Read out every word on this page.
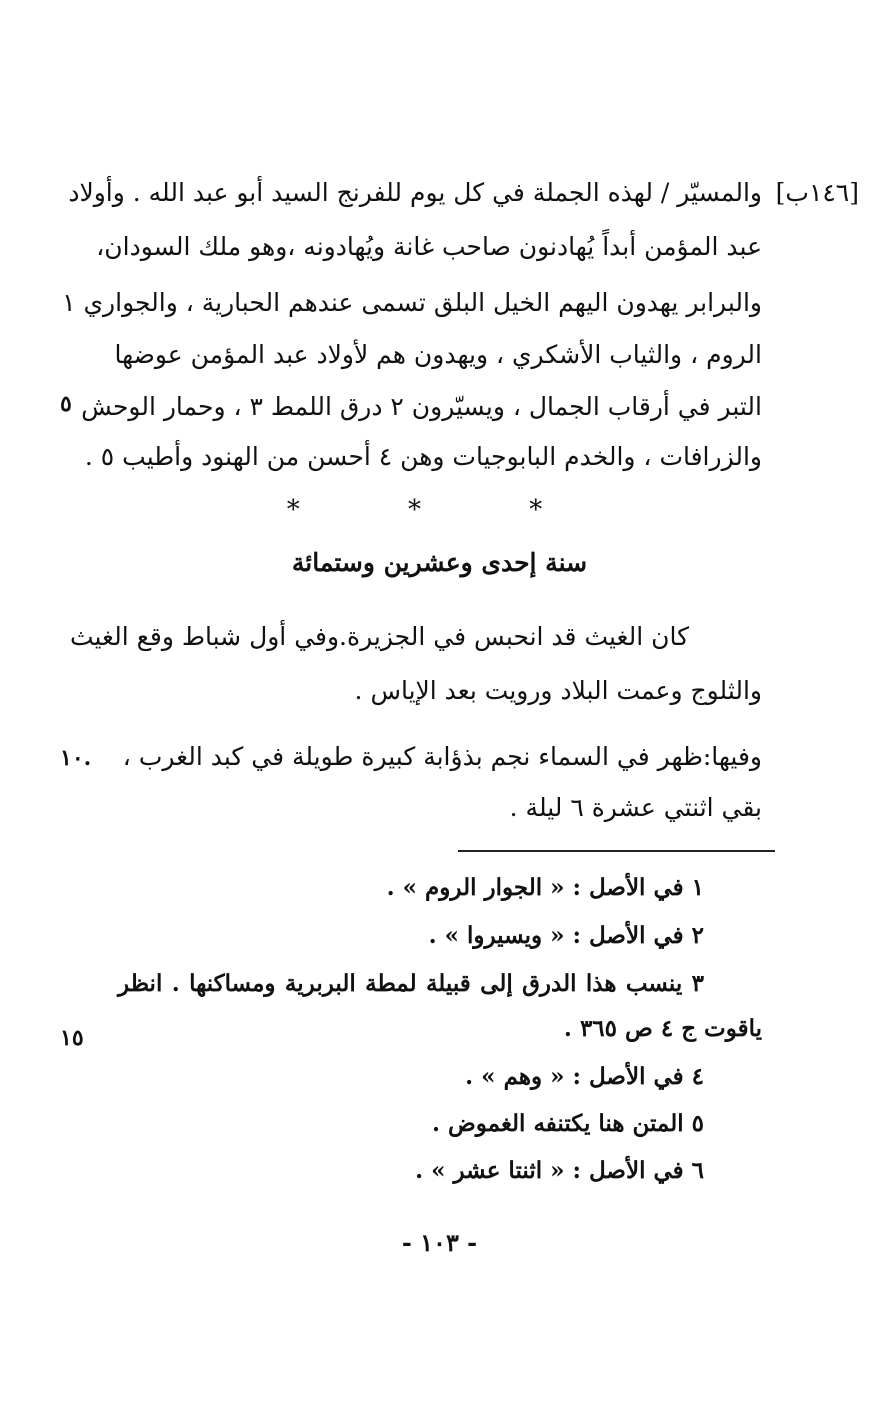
[١٤٦ب]
والمسيّر / لهذه الجملة في كل يوم للفرنج السيد أبو عبد الله . وأولاد
عبد المؤمن أبداً يُهادنون صاحب غانة ويُهادونه ،وهو ملك السودان،
والبرابر يهدون اليهم الخيل البلق تسمى عندهم الحبارية ، والجواري ١
الروم ، والثياب الأشكري ، ويهدون هم لأولاد عبد المؤمن عوضها
التبر في أرقاب الجمال ، ويسيّرون ٢ درق اللمط ٣ ، وحمار الوحش
والزرافات ، والخدم البابوجيات وهن ٤ أحسن من الهنود وأطيب ٥ .
٥
* * *
سنة إحدى وعشرين وستمائة
كان الغيث قد انحبس في الجزيرة.وفي أول شباط وقع الغيث
والثلوج وعمت البلاد ورويت بعد الإياس .
وفيها:ظهر في السماء نجم بذؤابة كبيرة طويلة في كبد الغرب ،
بقي اثنتي عشرة ٦ ليلة .
١٠.
١ في الأصل : « الجوار الروم » .
٢ في الأصل : « ويسيروا » .
٣ ينسب هذا الدرق إلى قبيلة لمطة البربرية ومساكنها . انظر
ياقوت ج ٤ ص ٣٦٥ .
٤ في الأصل : « وهم » .
٥ المتن هنا يكتنفه الغموض .
٦ في الأصل : « اثنتا عشر » .
١٥
- ١٠٣ -
